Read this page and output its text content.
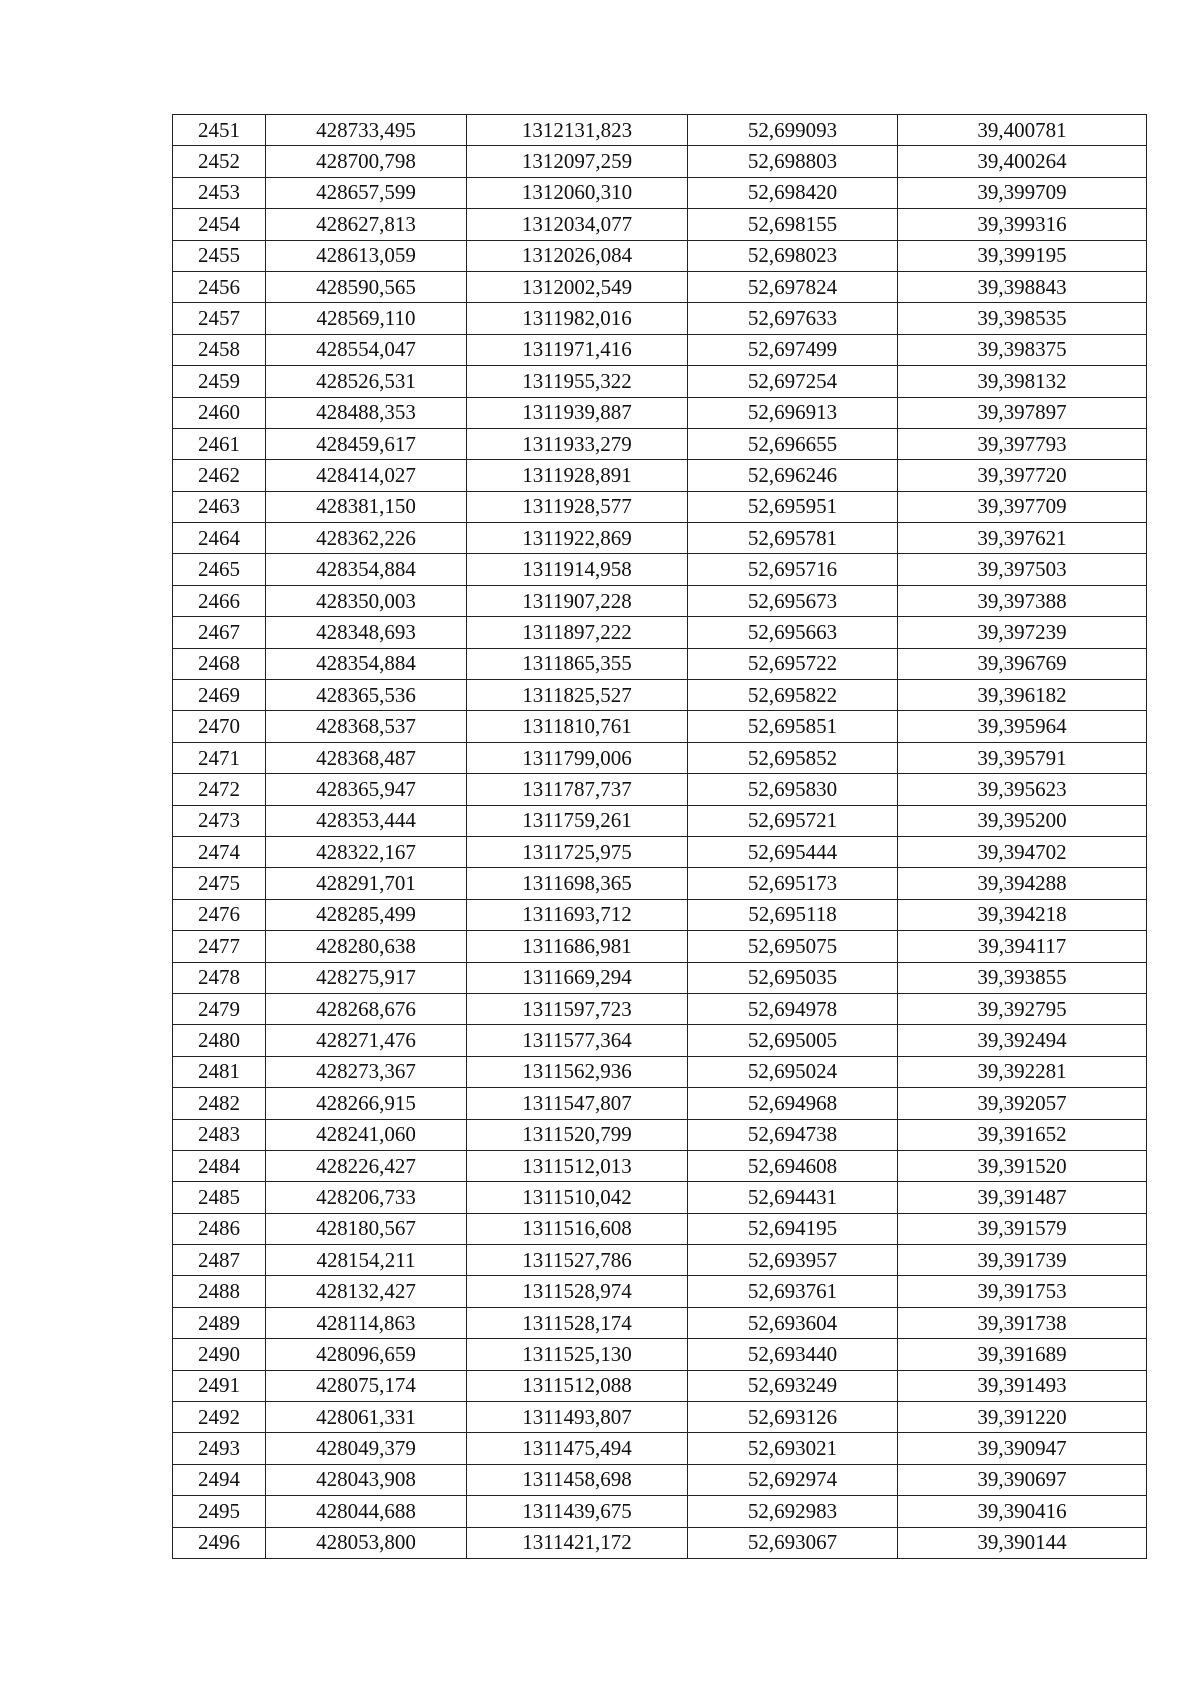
2451	428733,495	1312131,823	52,699093	39,400781
2452	428700,798	1312097,259	52,698803	39,400264
2453	428657,599	1312060,310	52,698420	39,399709
2454	428627,813	1312034,077	52,698155	39,399316
2455	428613,059	1312026,084	52,698023	39,399195
2456	428590,565	1312002,549	52,697824	39,398843
2457	428569,110	1311982,016	52,697633	39,398535
2458	428554,047	1311971,416	52,697499	39,398375
2459	428526,531	1311955,322	52,697254	39,398132
2460	428488,353	1311939,887	52,696913	39,397897
2461	428459,617	1311933,279	52,696655	39,397793
2462	428414,027	1311928,891	52,696246	39,397720
2463	428381,150	1311928,577	52,695951	39,397709
2464	428362,226	1311922,869	52,695781	39,397621
2465	428354,884	1311914,958	52,695716	39,397503
2466	428350,003	1311907,228	52,695673	39,397388
2467	428348,693	1311897,222	52,695663	39,397239
2468	428354,884	1311865,355	52,695722	39,396769
2469	428365,536	1311825,527	52,695822	39,396182
2470	428368,537	1311810,761	52,695851	39,395964
2471	428368,487	1311799,006	52,695852	39,395791
2472	428365,947	1311787,737	52,695830	39,395623
2473	428353,444	1311759,261	52,695721	39,395200
2474	428322,167	1311725,975	52,695444	39,394702
2475	428291,701	1311698,365	52,695173	39,394288
2476	428285,499	1311693,712	52,695118	39,394218
2477	428280,638	1311686,981	52,695075	39,394117
2478	428275,917	1311669,294	52,695035	39,393855
2479	428268,676	1311597,723	52,694978	39,392795
2480	428271,476	1311577,364	52,695005	39,392494
2481	428273,367	1311562,936	52,695024	39,392281
2482	428266,915	1311547,807	52,694968	39,392057
2483	428241,060	1311520,799	52,694738	39,391652
2484	428226,427	1311512,013	52,694608	39,391520
2485	428206,733	1311510,042	52,694431	39,391487
2486	428180,567	1311516,608	52,694195	39,391579
2487	428154,211	1311527,786	52,693957	39,391739
2488	428132,427	1311528,974	52,693761	39,391753
2489	428114,863	1311528,174	52,693604	39,391738
2490	428096,659	1311525,130	52,693440	39,391689
2491	428075,174	1311512,088	52,693249	39,391493
2492	428061,331	1311493,807	52,693126	39,391220
2493	428049,379	1311475,494	52,693021	39,390947
2494	428043,908	1311458,698	52,692974	39,390697
2495	428044,688	1311439,675	52,692983	39,390416
2496	428053,800	1311421,172	52,693067	39,390144
